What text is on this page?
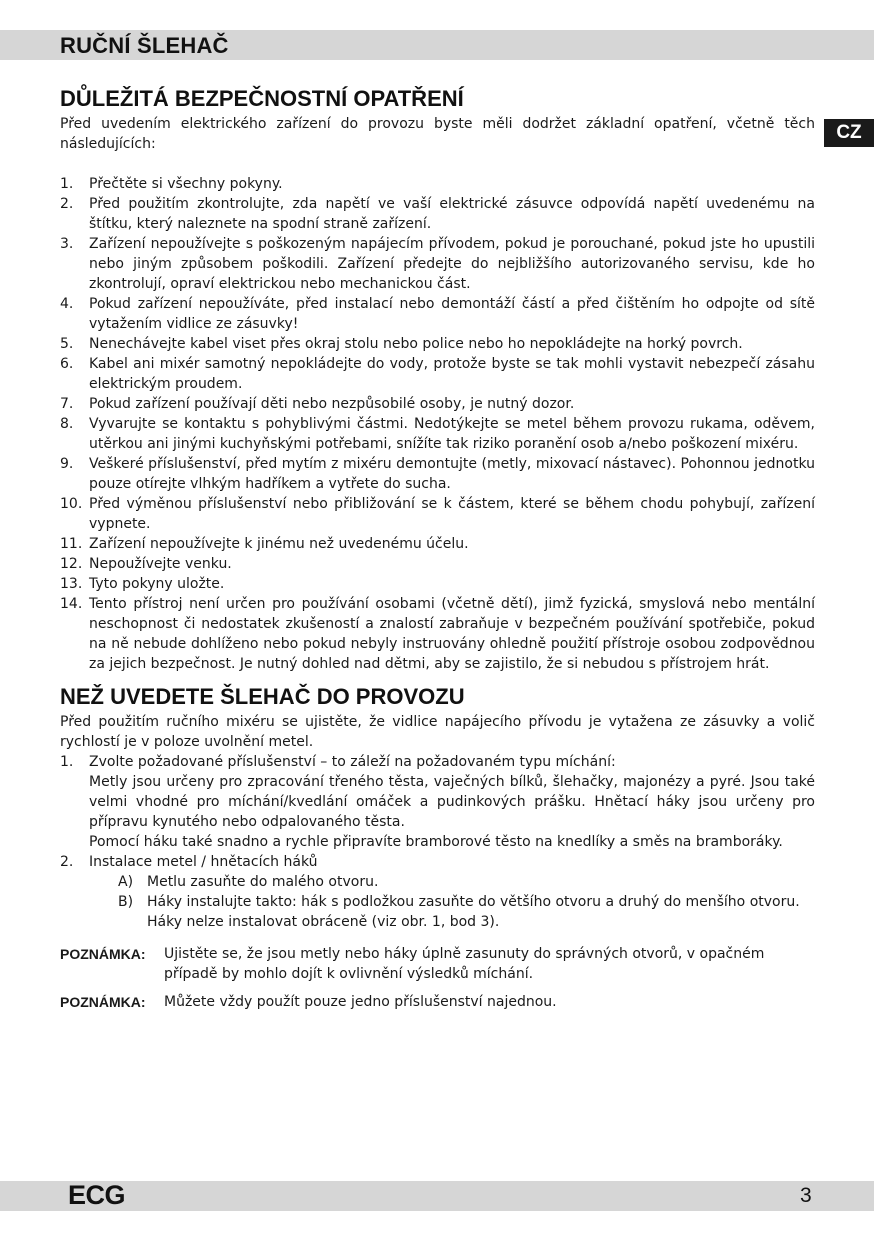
RUČNÍ ŠLEHAČ
CZ
DŮLEŽITÁ BEZPEČNOSTNÍ OPATŘENÍ

Před uvedením elektrického zařízení do provozu byste měli dodržet základní opatření, včetně těch následujících:

1. Přečtěte si všechny pokyny.
2. Před použitím zkontrolujte, zda napětí ve vaší elektrické zásuvce odpovídá napětí uvedenému na štítku, který naleznete na spodní straně zařízení.
3. Zařízení nepoužívejte s poškozeným napájecím přívodem, pokud je porouchané, pokud jste ho upustili nebo jiným způsobem poškodili. Zařízení předejte do nejbližšího autorizovaného servisu, kde ho zkontrolují, opraví elektrickou nebo mechanickou část.
4. Pokud zařízení nepoužíváte, před instalací nebo demontáží částí a před čištěním ho odpojte od sítě vytažením vidlice ze zásuvky!
5. Nenechávejte kabel viset přes okraj stolu nebo police nebo ho nepokládejte na horký povrch.
6. Kabel ani mixér samotný nepokládejte do vody, protože byste se tak mohli vystavit nebezpečí zásahu elektrickým proudem.
7. Pokud zařízení používají děti nebo nezpůsobilé osoby, je nutný dozor.
8. Vyvarujte se kontaktu s pohyblivými částmi. Nedotýkejte se metel během provozu rukama, oděvem, utěrkou ani jinými kuchyňskými potřebami, snížíte tak riziko poranění osob a/nebo poškození mixéru.
9. Veškeré příslušenství, před mytím z mixéru demontujte (metly, mixovací nástavec). Pohonnou jednotku pouze otírejte vlhkým hadříkem a vytřete do sucha.
10. Před výměnou příslušenství nebo přibližování se k částem, které se během chodu pohybují, zařízení vypnete.
11. Zařízení nepoužívejte k jinému než uvedenému účelu.
12. Nepoužívejte venku.
13. Tyto pokyny uložte.
14. Tento přístroj není určen pro používání osobami (včetně dětí), jimž fyzická, smyslová nebo mentální neschopnost či nedostatek zkušeností a znalostí zabraňuje v bezpečném používání spotřebiče, pokud na ně nebude dohlíženo nebo pokud nebyly instruovány ohledně použití přístroje osobou zodpovědnou za jejich bezpečnost. Je nutný dohled nad dětmi, aby se zajistilo, že si nebudou s přístrojem hrát.
NEŽ UVEDETE ŠLEHAČ DO PROVOZU

Před použitím ručního mixéru se ujistěte, že vidlice napájecího přívodu je vytažena ze zásuvky a volič rychlostí je v poloze uvolnění metel.

1. Zvolte požadované příslušenství – to záleží na požadovaném typu míchání:

Metly jsou určeny pro zpracování třeného těsta, vaječných bílků, šlehačky, majonézy a pyré. Jsou také velmi vhodné pro míchání/kvedlání omáček a pudinkových prášku. Hnětací háky jsou určeny pro přípravu kynutého nebo odpalovaného těsta.

Pomocí háku také snadno a rychle připravíte bramborové těsto na knedlíky a směs na bramboráky.

2. Instalace metel / hnětacích háků
A) Metlu zasuňte do malého otvoru.
B) Háky instalujte takto: hák s podložkou zasuňte do většího otvoru a druhý do menšího otvoru.
Háky nelze instalovat obráceně (viz obr. 1, bod 3).
POZNÁMKA:	Ujistěte se, že jsou metly nebo háky úplně zasunuty do správných otvorů, v opačném případě by mohlo dojít k ovlivnění výsledků míchání.
POZNÁMKA:	Můžete vždy použít pouze jedno příslušenství najednou.
ECG	3
